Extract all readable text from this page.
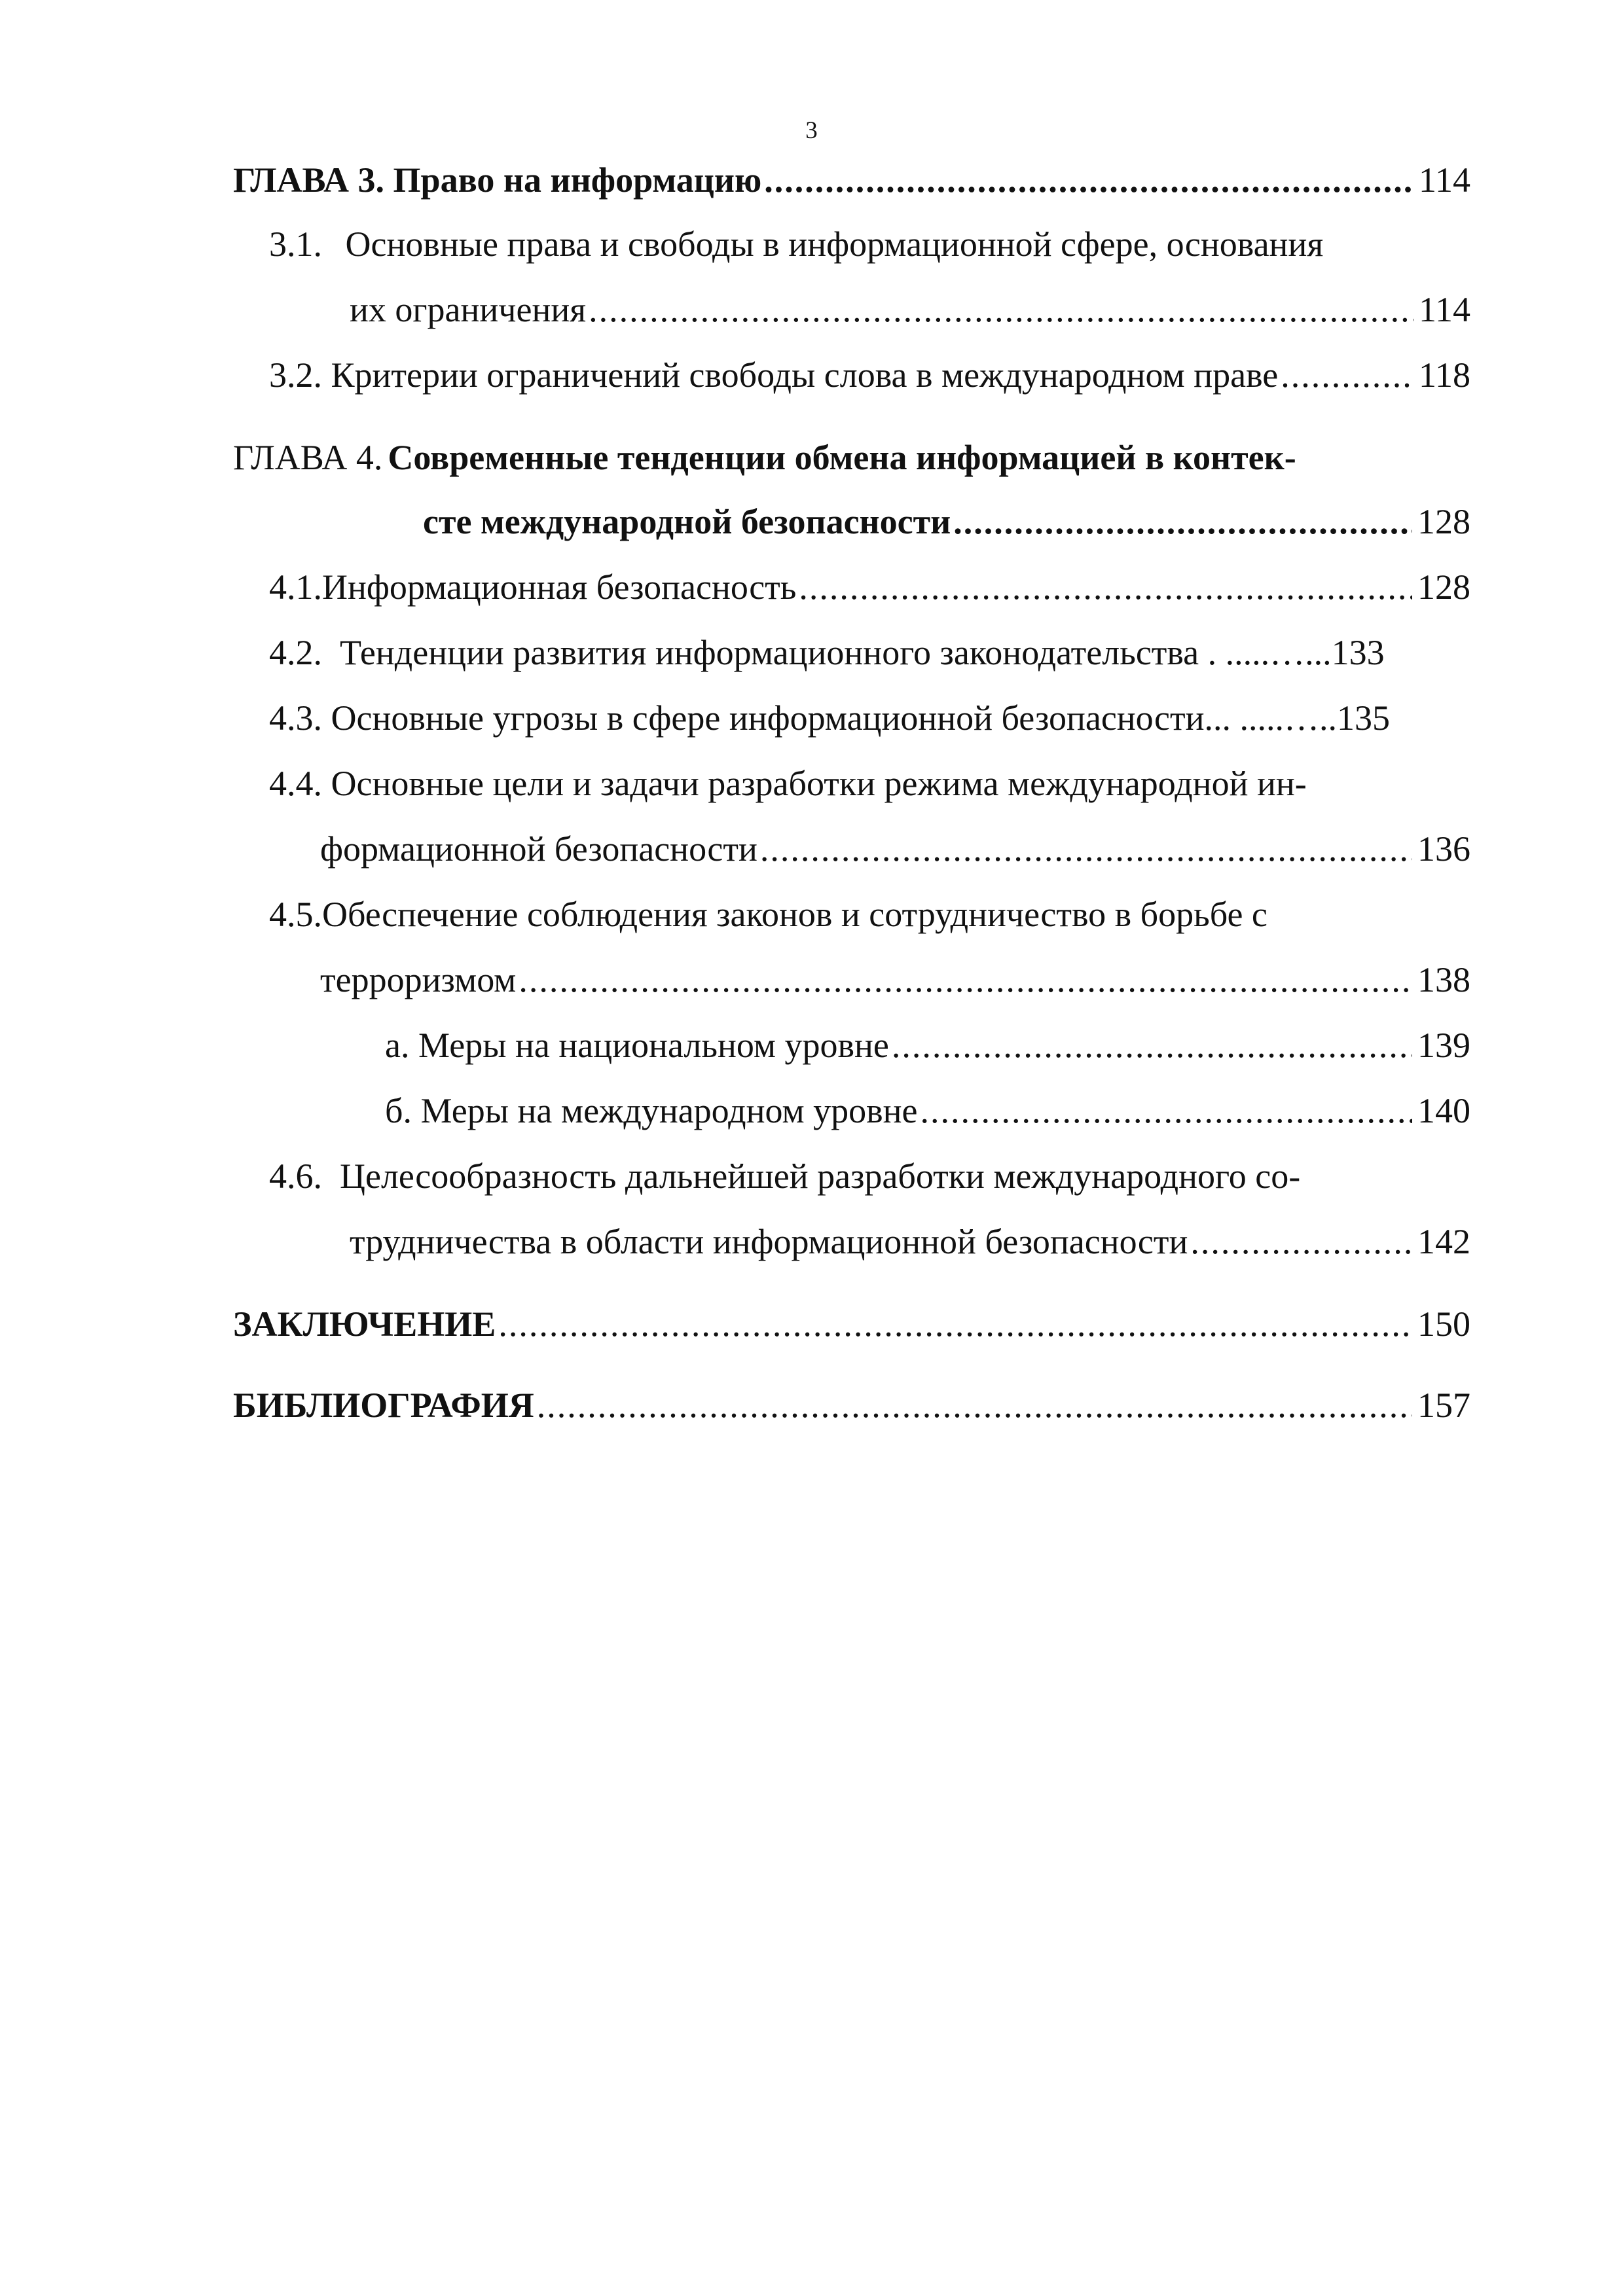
3
ГЛАВА 3. Право на информацию .....	114
3.1. Основные права и свободы в информационной сфере, основания
их ограничения .....	114
3.2. Критерии ограничений свободы слова в международном праве .....	118
ГЛАВА 4. Современные тенденции обмена информацией в контек-
сте международной безопасности .....	128
4.1.Информационная безопасность .....	128
4.2.  Тенденции развития информационного законодательства . .....…...133
4.3. Основные угрозы в сфере информационной безопасности... .....…..135
4.4. Основные цели и задачи разработки режима международной ин-
формационной безопасности .....	136
4.5.Обеспечение соблюдения законов и сотрудничество в борьбе с
терроризмом .....	138
а. Меры на национальном уровне .....	139
б. Меры на международном уровне .....	140
4.6.  Целесообразность дальнейшей разработки международного со-
трудничества в области информационной безопасности .....	142
ЗАКЛЮЧЕНИЕ .....	150
БИБЛИОГРАФИЯ .....	157
